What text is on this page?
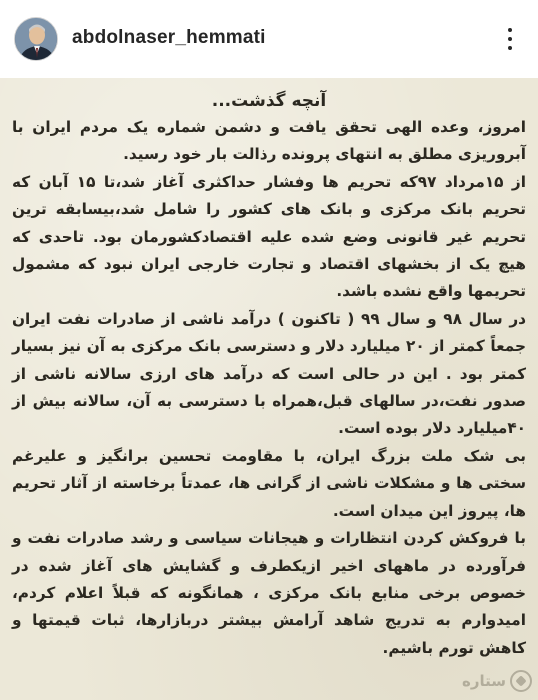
abdolnaser_hemmati
آنچه گذشت...
امروز، وعده الهی تحقق یافت و دشمن شماره یک مردم ایران با آبروریزی مطلق به انتهای پرونده رذالت بار خود رسید.
از ۱۵مرداد ۹۷که تحریم ها وفشار حداکثری آغاز شد،تا ۱۵ آبان که تحریم بانک مرکزی و بانک های کشور را شامل شد،بیسابقه ترین تحریم غیر قانونی وضع شده علیه اقتصادکشورمان بود. تاحدی که هیچ یک از بخشهای اقتصاد و تجارت خارجی ایران نبود که مشمول تحریمها واقع نشده باشد.
در سال ۹۸ و سال ۹۹ ( تاکنون ) درآمد ناشی از صادرات نفت ایران جمعاً کمتر از ۲۰ میلیارد دلار و دسترسی بانک مرکزی به آن نیز بسیار کمتر بود . این در حالی است که درآمد های ارزی سالانه ناشی از صدور نفت،در سالهای قبل،همراه با دسترسی به آن، سالانه بیش از ۴۰میلیارد دلار بوده است.
بی شک ملت بزرگ ایران، با مقاومت تحسین برانگیز و علیرغم سختی ها و مشکلات ناشی از گرانی ها، عمدتاً برخاسته از آثار تحریم ها، پیروز این میدان است.
با فروکش کردن انتظارات و هیجانات سیاسی و رشد صادرات نفت و فرآورده در ماههای اخیر ازیکطرف و گشایش های آغاز شده در خصوص برخی منابع بانک مرکزی ، همانگونه که قبلاً اعلام کردم، امیدوارم به تدریج شاهد آرامش بیشتر دربازارها، ثبات قیمتها و کاهش تورم باشیم.
ستاره
